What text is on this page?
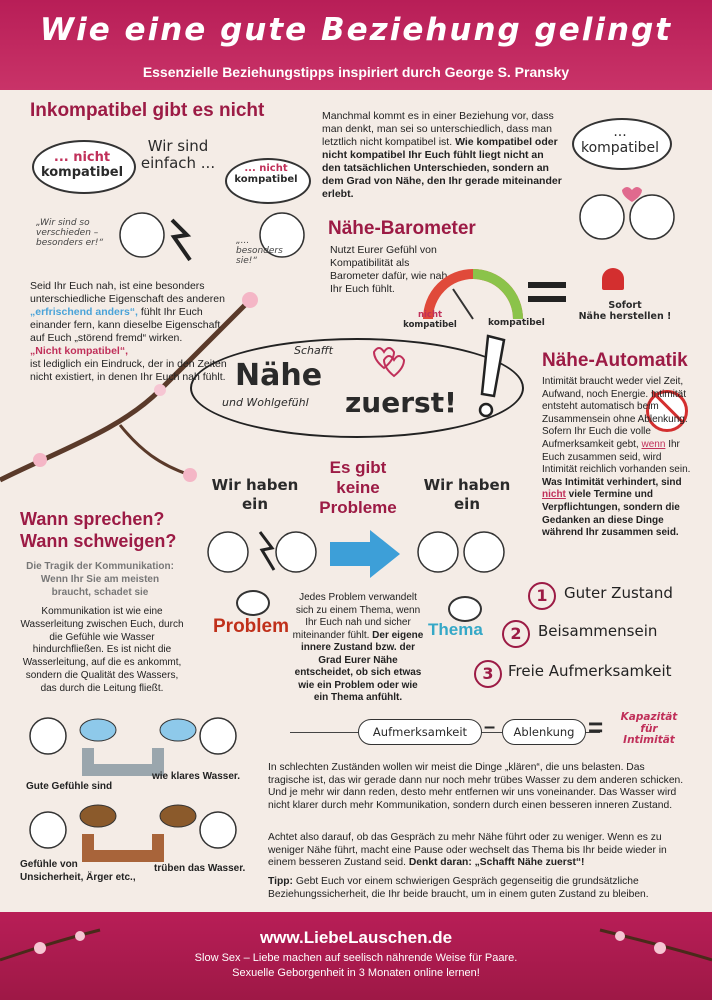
Wie eine gute Beziehung gelingt
Essenzielle Beziehungstipps inspiriert durch George S. Pransky
Inkompatibel gibt es nicht
... nicht
kompatibel
Wir sind einfach ...	... nicht
kompatibel
„Wir sind so verschieden – besonders er!“	„... besonders sie!“
Seid Ihr Euch nah, ist eine besonders unterschiedliche Eigenschaft des anderen „erfrischend anders“, fühlt Ihr Euch einander fern, kann dieselbe Eigenschaft auf Euch „störend fremd“ wirken.
„Nicht kompatibel“,
ist lediglich ein Eindruck, der in den Zeiten nicht existiert, in denen Ihr Euch nah fühlt.
Manchmal kommt es in einer Beziehung vor, dass man denkt, man sei so unterschiedlich, dass man letztlich nicht kompatibel ist. Wie kompatibel oder nicht kompatibel Ihr Euch fühlt liegt nicht an den tatsächlichen Unterschieden, sondern an dem Grad von Nähe, den Ihr gerade miteinander erlebt.
...
kompatibel
Nähe-Barometer
Nutzt Eurer Gefühl von Kompatibilität als Barometer dafür, wie nah Ihr Euch fühlt.
nicht
kompatibel	kompatibel
Sofort
Nähe herstellen !
Schafft
Nähe
und Wohlgefühl zuerst!
Nähe-Automatik
Intimität braucht weder viel Zeit, Aufwand, noch Energie. Intimität entsteht automatisch beim Zusammensein ohne Ablenkung. Sofern Ihr Euch die volle Aufmerksamkeit gebt, wenn Ihr Euch zusammen seid, wird Intimität reichlich vorhanden sein. Was Intimität verhindert, sind nicht viele Termine und Verpflichtungen, sondern die Gedanken an diese Dinge während Ihr zusammen seid.
Wir haben
ein
Es gibt
keine
Probleme
Wir haben
ein
Problem
Jedes Problem verwandelt sich zu einem Thema, wenn Ihr Euch nah und sicher miteinander fühlt. Der eigene innere Zustand bzw. der Grad Eurer Nähe entscheidet, ob sich etwas wie ein Problem oder wie ein Thema anfühlt.
Thema
Wann sprechen?
Wann schweigen?
Die Tragik der Kommunikation: Wenn Ihr Sie am meisten braucht, schadet sie
Kommunikation ist wie eine Wasserleitung zwischen Euch, durch die Gefühle wie Wasser hindurchfließen. Es ist nicht die Wasserleitung, auf die es ankommt, sondern die Qualität des Wassers, das durch die Leitung fließt.
Gute Gefühle sind
wie klares Wasser.
Gefühle von
Unsicherheit, Ärger etc.,
trüben das Wasser.
1	Guter Zustand
2	Beisammensein
3 Freie Aufmerksamkeit
Aufmerksamkeit –	Ablenkung =	Kapazität
für
Intimität
In schlechten Zuständen wollen wir meist die Dinge „klären“, die uns belasten. Das tragische ist, das wir gerade dann nur noch mehr trübes Wasser zu dem anderen schicken. Und je mehr wir dann reden, desto mehr entfernen wir uns voneinander. Das Wasser wird nicht klarer durch mehr Kommunikation, sondern durch einen besseren inneren Zustand.
Achtet also darauf, ob das Gespräch zu mehr Nähe führt oder zu weniger. Wenn es zu weniger Nähe führt, macht eine Pause oder wechselt das Thema bis Ihr beide wieder in einem besseren Zustand seid. Denkt daran: „Schafft Nähe zuerst“!
Tipp: Gebt Euch vor einem schwierigen Gespräch gegenseitig die grundsätzliche Beziehungssicherheit, die Ihr beide braucht, um in einem guten Zustand zu bleiben.
www.LiebeLauschen.de
Slow Sex – Liebe machen auf seelisch nährende Weise für Paare.
Sexuelle Geborgenheit in 3 Monaten online lernen!
